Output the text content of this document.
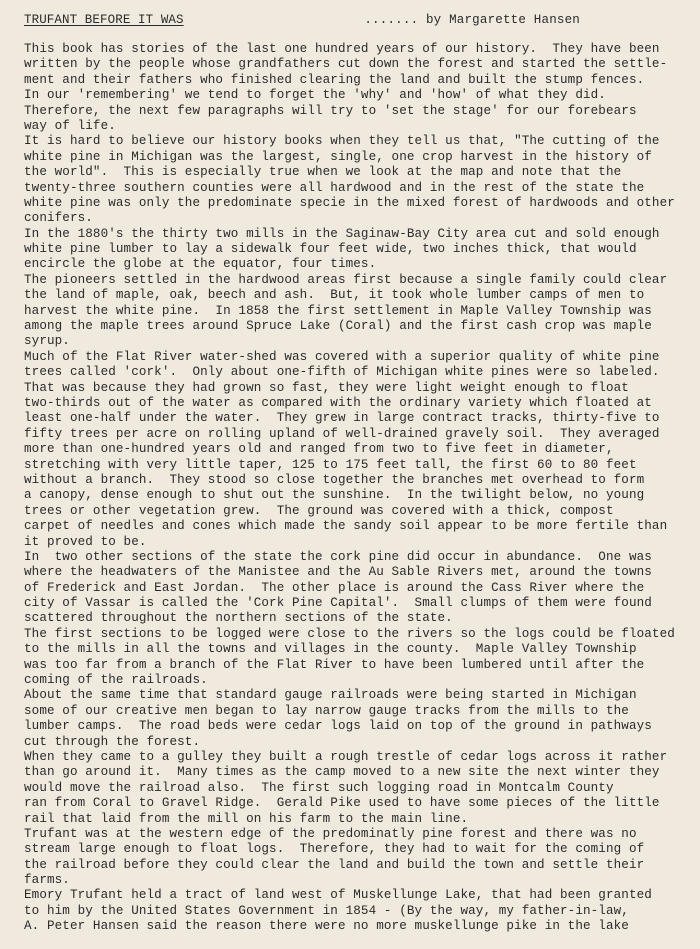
TRUFANT BEFORE IT WAS	....... by Margarette Hansen
This book has stories of the last one hundred years of our history.  They have been
written by the people whose grandfathers cut down the forest and started the settle-
ment and their fathers who finished clearing the land and built the stump fences.
In our 'remembering' we tend to forget the 'why' and 'how' of what they did.
Therefore, the next few paragraphs will try to 'set the stage' for our forebears
way of life.
It is hard to believe our history books when they tell us that, "The cutting of the
white pine in Michigan was the largest, single, one crop harvest in the history of
the world".  This is especially true when we look at the map and note that the
twenty-three southern counties were all hardwood and in the rest of the state the
white pine was only the predominate specie in the mixed forest of hardwoods and other
conifers.
In the 1880's the thirty two mills in the Saginaw-Bay City area cut and sold enough
white pine lumber to lay a sidewalk four feet wide, two inches thick, that would
encircle the globe at the equator, four times.
The pioneers settled in the hardwood areas first because a single family could clear
the land of maple, oak, beech and ash.  But, it took whole lumber camps of men to
harvest the white pine.  In 1858 the first settlement in Maple Valley Township was
among the maple trees around Spruce Lake (Coral) and the first cash crop was maple
syrup.
Much of the Flat River water-shed was covered with a superior quality of white pine
trees called 'cork'.  Only about one-fifth of Michigan white pines were so labeled.
That was because they had grown so fast, they were light weight enough to float
two-thirds out of the water as compared with the ordinary variety which floated at
least one-half under the water.  They grew in large contract tracks, thirty-five to
fifty trees per acre on rolling upland of well-drained gravely soil.  They averaged
more than one-hundred years old and ranged from two to five feet in diameter,
stretching with very little taper, 125 to 175 feet tall, the first 60 to 80 feet
without a branch.  They stood so close together the branches met overhead to form
a canopy, dense enough to shut out the sunshine.  In the twilight below, no young
trees or other vegetation grew.  The ground was covered with a thick, compost
carpet of needles and cones which made the sandy soil appear to be more fertile than
it proved to be.
In  two other sections of the state the cork pine did occur in abundance.  One was
where the headwaters of the Manistee and the Au Sable Rivers met, around the towns
of Frederick and East Jordan.  The other place is around the Cass River where the
city of Vassar is called the 'Cork Pine Capital'.  Small clumps of them were found
scattered throughout the northern sections of the state.
The first sections to be logged were close to the rivers so the logs could be floated
to the mills in all the towns and villages in the county.  Maple Valley Township
was too far from a branch of the Flat River to have been lumbered until after the
coming of the railroads.
About the same time that standard gauge railroads were being started in Michigan
some of our creative men began to lay narrow gauge tracks from the mills to the
lumber camps.  The road beds were cedar logs laid on top of the ground in pathways
cut through the forest.
When they came to a gulley they built a rough trestle of cedar logs across it rather
than go around it.  Many times as the camp moved to a new site the next winter they
would move the railroad also.  The first such logging road in Montcalm County
ran from Coral to Gravel Ridge.  Gerald Pike used to have some pieces of the little
rail that laid from the mill on his farm to the main line.
Trufant was at the western edge of the predominatly pine forest and there was no
stream large enough to float logs.  Therefore, they had to wait for the coming of
the railroad before they could clear the land and build the town and settle their
farms.
Emory Trufant held a tract of land west of Muskellunge Lake, that had been granted
to him by the United States Government in 1854 - (By the way, my father-in-law,
A. Peter Hansen said the reason there were no more muskellunge pike in the lake
